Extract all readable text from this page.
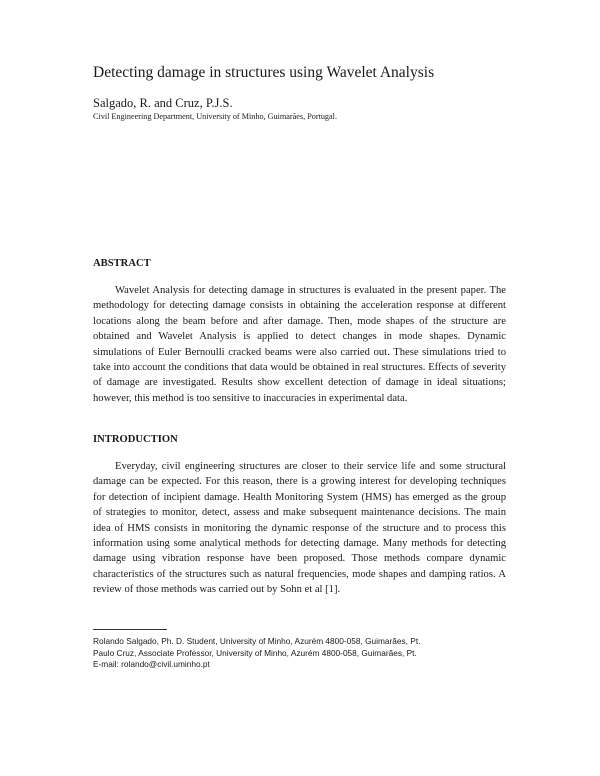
Detecting damage in structures using Wavelet Analysis
Salgado, R. and Cruz, P.J.S.
Civil Engineering Department, University of Minho, Guimarães, Portugal.
ABSTRACT

Wavelet Analysis for detecting damage in structures is evaluated in the present paper. The methodology for detecting damage consists in obtaining the acceleration response at different locations along the beam before and after damage. Then, mode shapes of the structure are obtained and Wavelet Analysis is applied to detect changes in mode shapes. Dynamic simulations of Euler Bernoulli cracked beams were also carried out. These simulations tried to take into account the conditions that data would be obtained in real structures. Effects of severity of damage are investigated. Results show excellent detection of damage in ideal situations; however, this method is too sensitive to inaccuracies in experimental data.

INTRODUCTION

Everyday, civil engineering structures are closer to their service life and some structural damage can be expected. For this reason, there is a growing interest for developing techniques for detection of incipient damage. Health Monitoring System (HMS) has emerged as the group of strategies to monitor, detect, assess and make subsequent maintenance decisions. The main idea of HMS consists in monitoring the dynamic response of the structure and to process this information using some analytical methods for detecting damage. Many methods for detecting damage using vibration response have been proposed. Those methods compare dynamic characteristics of the structures such as natural frequencies, mode shapes and damping ratios. A review of those methods was carried out by Sohn et al [1].

Rolando Salgado, Ph. D. Student, University of Minho, Azurém 4800-058, Guimarães, Pt.
Paulo Cruz, Associate Professor, University of Minho, Azurém 4800-058, Guimarães, Pt.
E-mail: rolando@civil.uminho.pt
